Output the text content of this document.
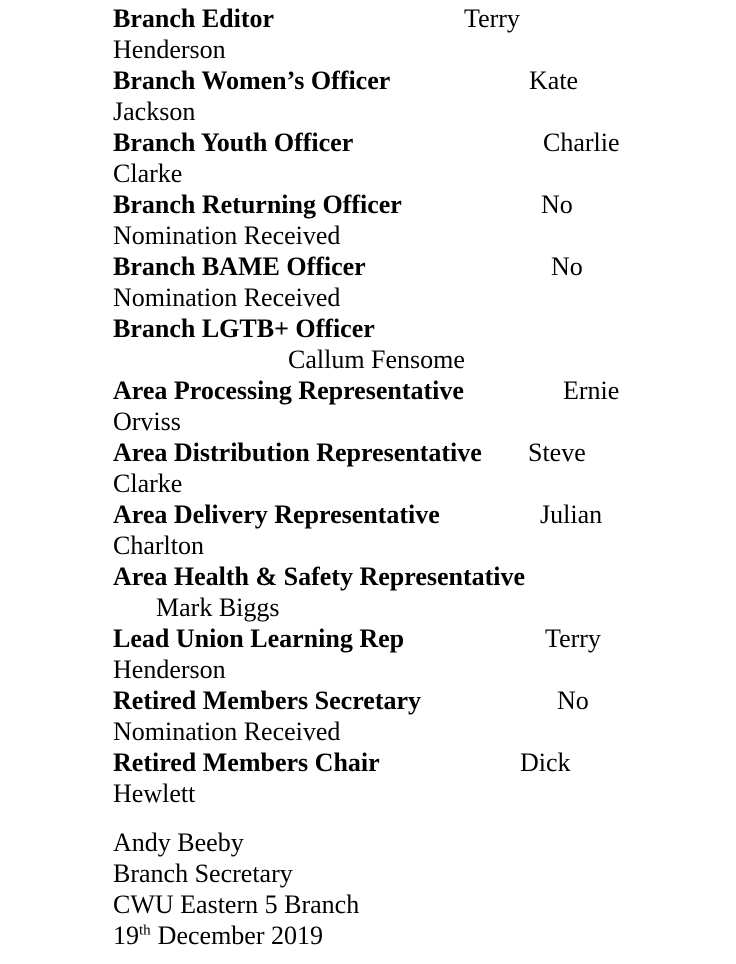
Branch Editor	Terry
Henderson
Branch Women’s Officer	Kate
Jackson
Branch Youth Officer	Charlie
Clarke
Branch Returning Officer	No
Nomination Received
Branch BAME Officer	No
Nomination Received
Branch LGTB+ Officer
Callum Fensome
Area Processing Representative	Ernie
Orviss
Area Distribution Representative Steve
Clarke
Area Delivery Representative	Julian
Charlton
Area Health & Safety Representative
Mark Biggs
Lead Union Learning Rep	Terry
Henderson
Retired Members Secretary	No
Nomination Received
Retired Members Chair	Dick
Hewlett
Andy Beeby
Branch Secretary
CWU Eastern 5 Branch
19th December 2019
